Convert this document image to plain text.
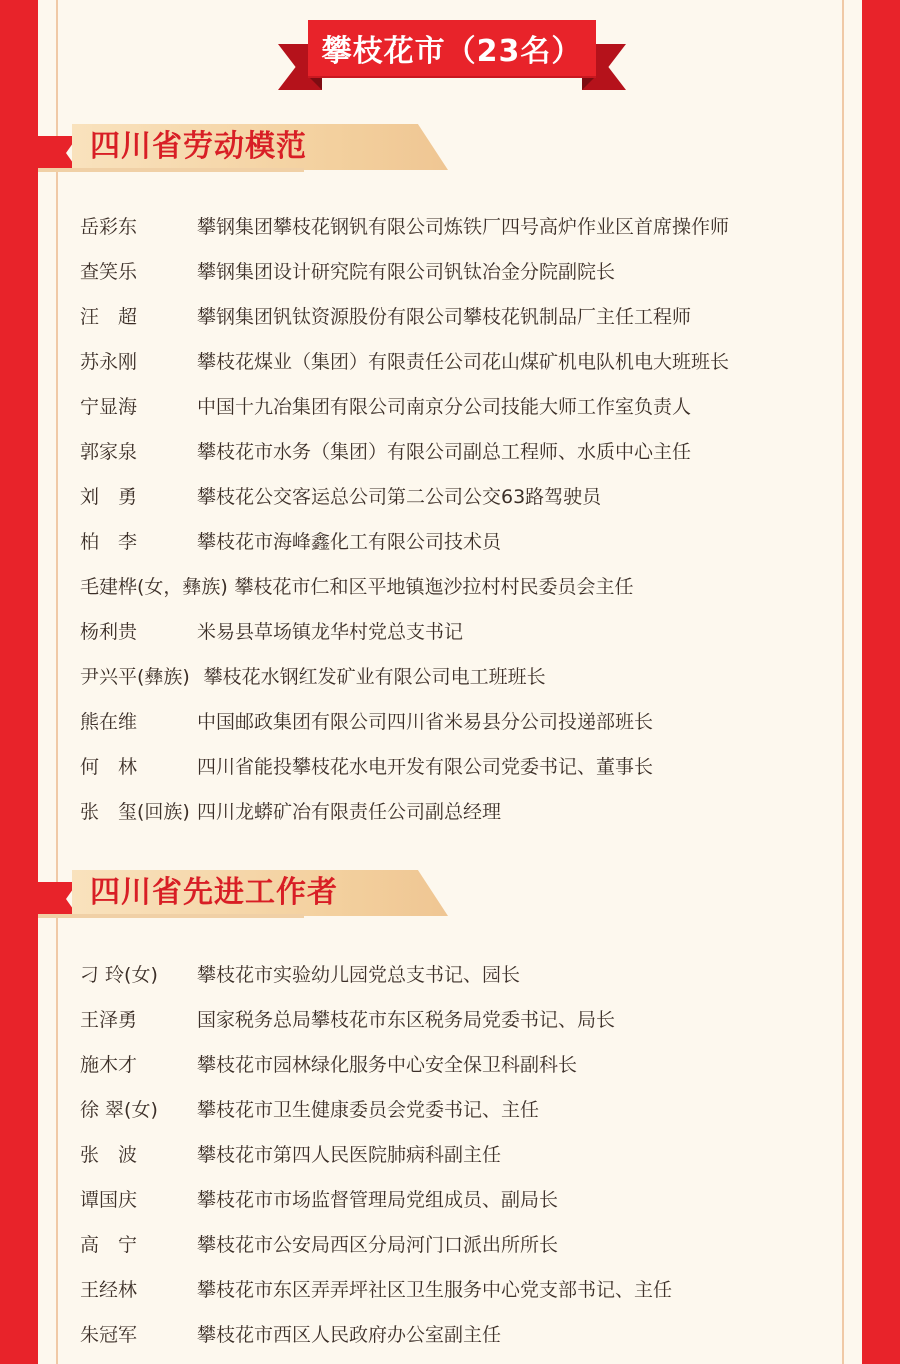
攀枝花市（23名）
四川省劳动模范
岳彩东	攀钢集团攀枝花钢钒有限公司炼铁厂四号高炉作业区首席操作师
查笑乐	攀钢集团设计研究院有限公司钒钛冶金分院副院长
汪　超	攀钢集团钒钛资源股份有限公司攀枝花钒制品厂主任工程师
苏永刚	攀枝花煤业（集团）有限责任公司花山煤矿机电队机电大班班长
宁显海	中国十九冶集团有限公司南京分公司技能大师工作室负责人
郭家泉	攀枝花市水务（集团）有限公司副总工程师、水质中心主任
刘　勇	攀枝花公交客运总公司第二公司公交63路驾驶员
柏　李	攀枝花市海峰鑫化工有限公司技术员
毛建桦(女，彝族) 攀枝花市仁和区平地镇迤沙拉村村民委员会主任
杨利贵	米易县草场镇龙华村党总支书记
尹兴平(彝族) 攀枝花水钢红发矿业有限公司电工班班长
熊在维	中国邮政集团有限公司四川省米易县分公司投递部班长
何　林	四川省能投攀枝花水电开发有限公司党委书记、董事长
张　玺(回族) 四川龙蟒矿冶有限责任公司副总经理
四川省先进工作者
刁 玲(女)	攀枝花市实验幼儿园党总支书记、园长
王泽勇	国家税务总局攀枝花市东区税务局党委书记、局长
施木才	攀枝花市园林绿化服务中心安全保卫科副科长
徐 翠(女)	攀枝花市卫生健康委员会党委书记、主任
张　波	攀枝花市第四人民医院肺病科副主任
谭国庆	攀枝花市市场监督管理局党组成员、副局长
高　宁	攀枝花市公安局西区分局河门口派出所所长
王经林	攀枝花市东区弄弄坪社区卫生服务中心党支部书记、主任
朱冠军	攀枝花市西区人民政府办公室副主任
